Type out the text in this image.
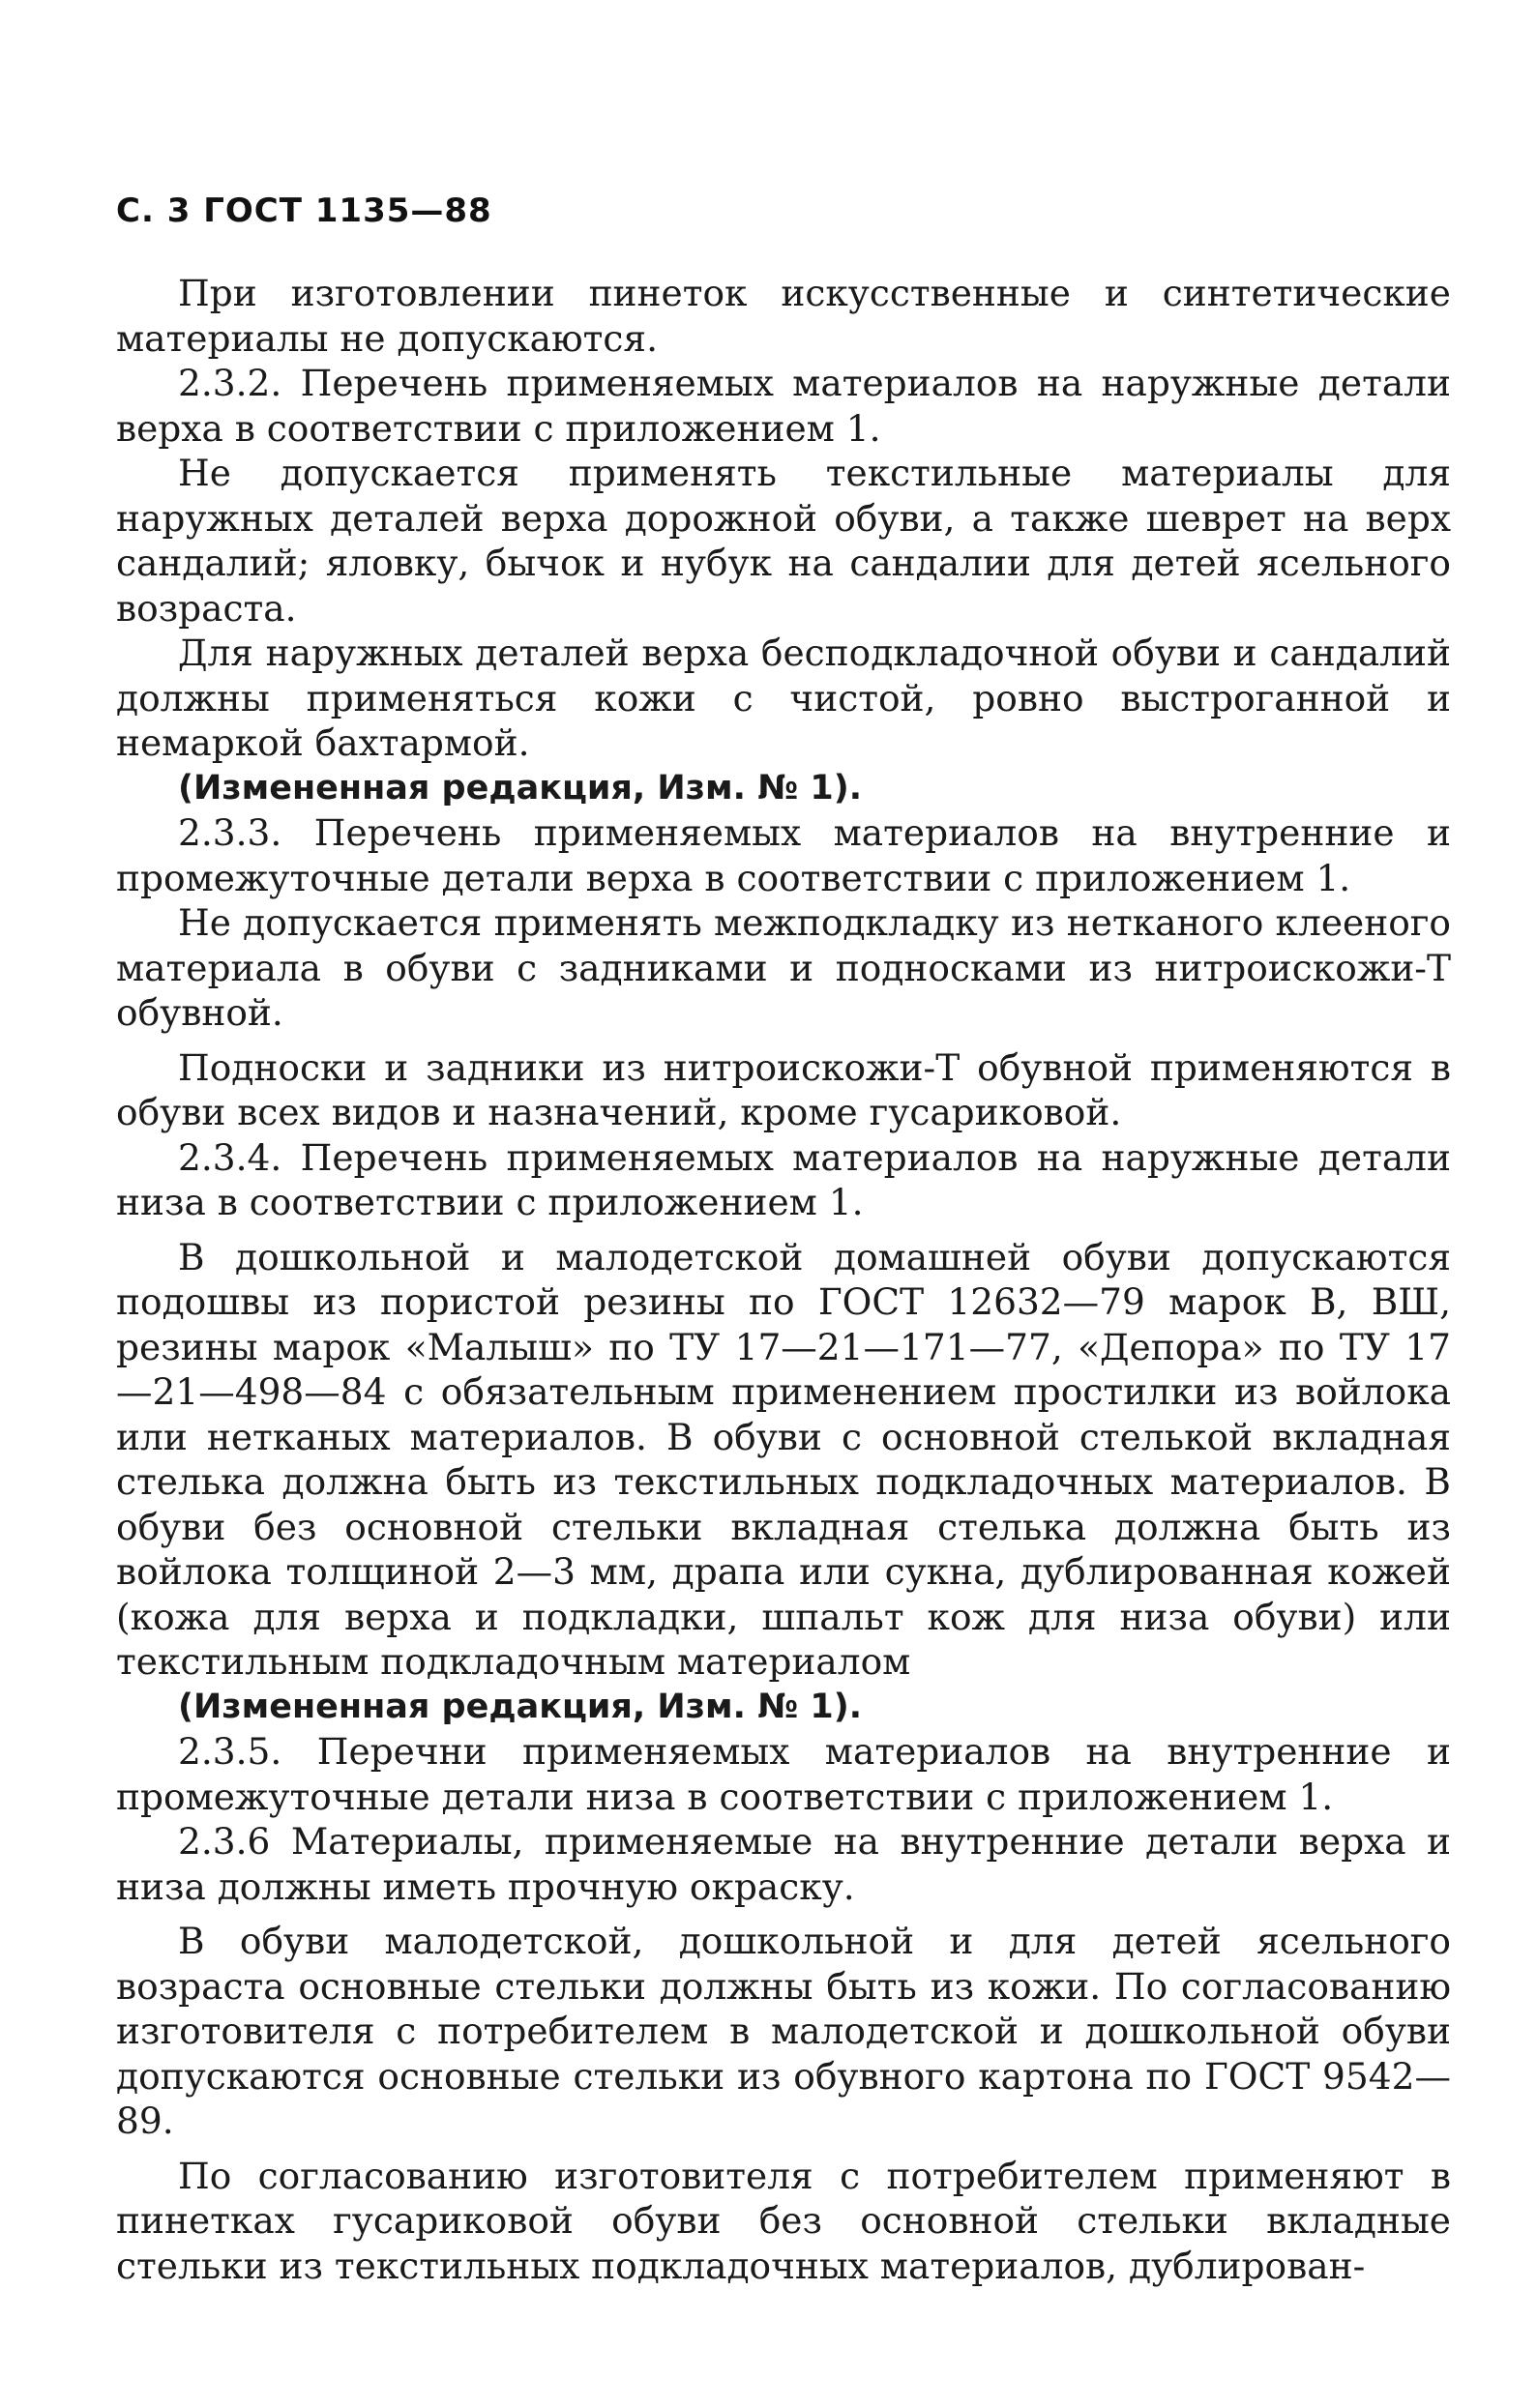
С. 3 ГОСТ 1135—88

При изготовлении пинеток искусственные и синтетические материалы не допускаются.

2.3.2. Перечень применяемых материалов на наружные детали верха в соответствии с приложением 1.

Не допускается применять текстильные материалы для наружных деталей верха дорожной обуви, а также шеврет на верх сандалий; яловку, бычок и нубук на сандалии для детей ясельного возраста.

Для наружных деталей верха бесподкладочной обуви и сандалий должны применяться кожи с чистой, ровно выстроганной и немаркой бахтармой.

(Измененная редакция, Изм. № 1).

2.3.3. Перечень применяемых материалов на внутренние и промежуточные детали верха в соответствии с приложением 1.

Не допускается применять межподкладку из нетканого клееного материала в обуви с задниками и подносками из нитроискожи-Т обувной.

Подноски и задники из нитроискожи-Т обувной применяются в обуви всех видов и назначений, кроме гусариковой.

2.3.4. Перечень применяемых материалов на наружные детали низа в соответствии с приложением 1.

В дошкольной и малодетской домашней обуви допускаются подошвы из пористой резины по ГОСТ 12632—79 марок В, ВШ, резины марок «Малыш» по ТУ 17—21—171—77, «Депора» по ТУ 17—21—498—84 с обязательным применением простилки из войлока или нетканых материалов. В обуви с основной стелькой вкладная стелька должна быть из текстильных подкладочных материалов. В обуви без основной стельки вкладная стелька должна быть из войлока толщиной 2—3 мм, драпа или сукна, дублированная кожей (кожа для верха и подкладки, шпальт кож для низа обуви) или текстильным подкладочным материалом

(Измененная редакция, Изм. № 1).

2.3.5. Перечни применяемых материалов на внутренние и промежуточные детали низа в соответствии с приложением 1.

2.3.6 Материалы, применяемые на внутренние детали верха и низа должны иметь прочную окраску.

В обуви малодетской, дошкольной и для детей ясельного возраста основные стельки должны быть из кожи. По согласованию изготовителя с потребителем в малодетской и дошкольной обуви допускаются основные стельки из обувного картона по ГОСТ 9542—89.

По согласованию изготовителя с потребителем применяют в пинетках гусариковой обуви без основной стельки вкладные стельки из текстильных подкладочных материалов, дублирован-
